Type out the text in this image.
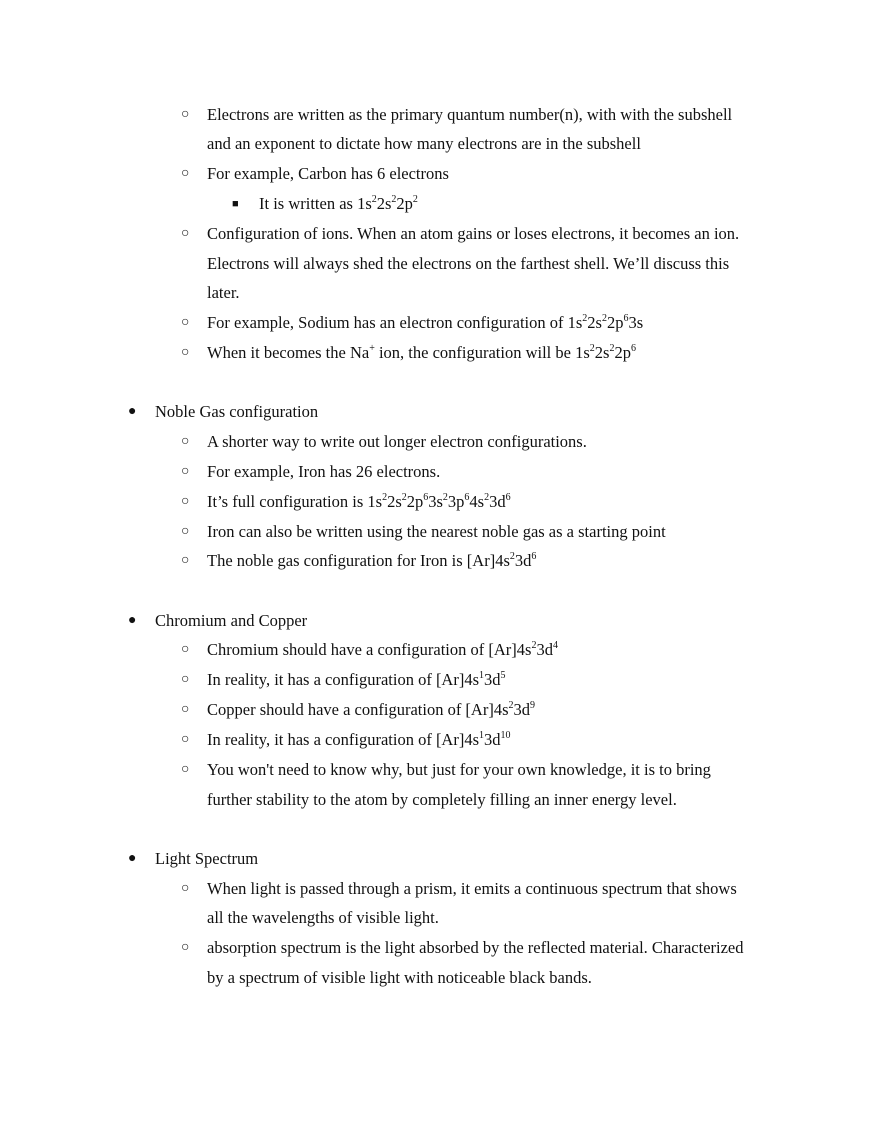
○ Electrons are written as the primary quantum number(n), with with the subshell
and an exponent to dictate how many electrons are in the subshell
○ For example, Carbon has 6 electrons
■ It is written as $1s^22s^22p^2$
○ Configuration of ions. When an atom gains or loses electrons, it becomes an ion.
Electrons will always shed the electrons on the farthest shell. We’ll discuss this
later.
○ For example, Sodium has an electron configuration of $1s^22s^22p^63s$
○ When it becomes the Na+ ion, the configuration will be $1s^22s^22p^6$
● Noble Gas configuration
○ A shorter way to write out longer electron configurations.
○ For example, Iron has 26 electrons.
○ It’s full configuration is $1s^22s^22p^63s^23p^64s^23d^6$
○ Iron can also be written using the nearest noble gas as a starting point
○ The noble gas configuration for Iron is $[Ar]4s^23d^6$
● Chromium and Copper
○ Chromium should have a configuration of $[Ar]4s^23d^4$
○ In reality, it has a configuration of $[Ar]4s^13d^5$
○ Copper should have a configuration of $[Ar]4s^23d^9$
○ In reality, it has a configuration of $[Ar]4s^13d^{10}$
○ You won't need to know why, but just for your own knowledge, it is to bring
further stability to the atom by completely filling an inner energy level.
● Light Spectrum
○ When light is passed through a prism, it emits a continuous spectrum that shows
all the wavelengths of visible light.
○ absorption spectrum is the light absorbed by the reflected material. Characterized
by a spectrum of visible light with noticeable black bands.
